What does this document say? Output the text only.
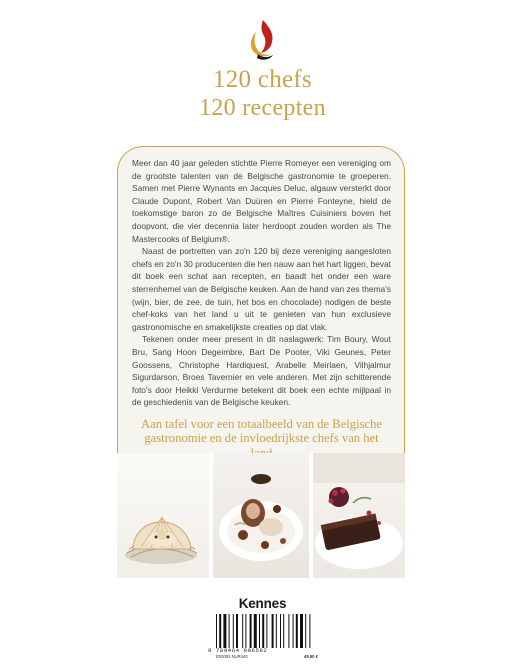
120 chefs
120 recepten

Meer dan 40 jaar geleden stichtte Pierre Romeyer een vereniging om de grootste talenten van de Belgische gastronomie te groeperen. Samen met Pierre Wynants en Jacques Deluc, algauw versterkt door Claude Dupont, Robert Van Duüren en Pierre Fonteyne, hield de toekomstige baron zo de Belgische Maîtres Cuisiniers boven het doopvont, die vier decennia later herdoopt zouden worden als The Mastercooks of Belgium®.

Naast de portretten van zo'n 120 bij deze vereniging aangesloten chefs en zo'n 30 producenten die hen nauw aan het hart liggen, bevat dit boek een schat aan recepten, en baadt het onder een ware sterrenhemel van de Belgische keuken. Aan de hand van zes thema's (wijn, bier, de zee, de tuin, het bos en chocolade) nodigen de beste chef-koks van het land u uit te genieten van hun exclusieve gastronomische en smakelijkste creaties op dat vlak.

Tekenen onder meer present in dit naslagwerk: Tim Boury, Wout Bru, Sang Hoon Degeimbre, Bart De Pooter, Viki Geunes, Peter Goossens, Christophe Hardiquest, Arabelle Meirlaen, Vilhjalmur Sigurdarson, Broes Tavernier en vele anderen. Met zijn schitterende foto's door Heikki Verdurme betekent dit boek een echte mijlpaal in de geschiedenis van de Belgische keuken.

Aan tafel voor een totaalbeeld van de Belgische gastronomie en de invloedrijkste chefs van het

Kennes
9 789464 006582
E00092 NUR440	49,90 €
